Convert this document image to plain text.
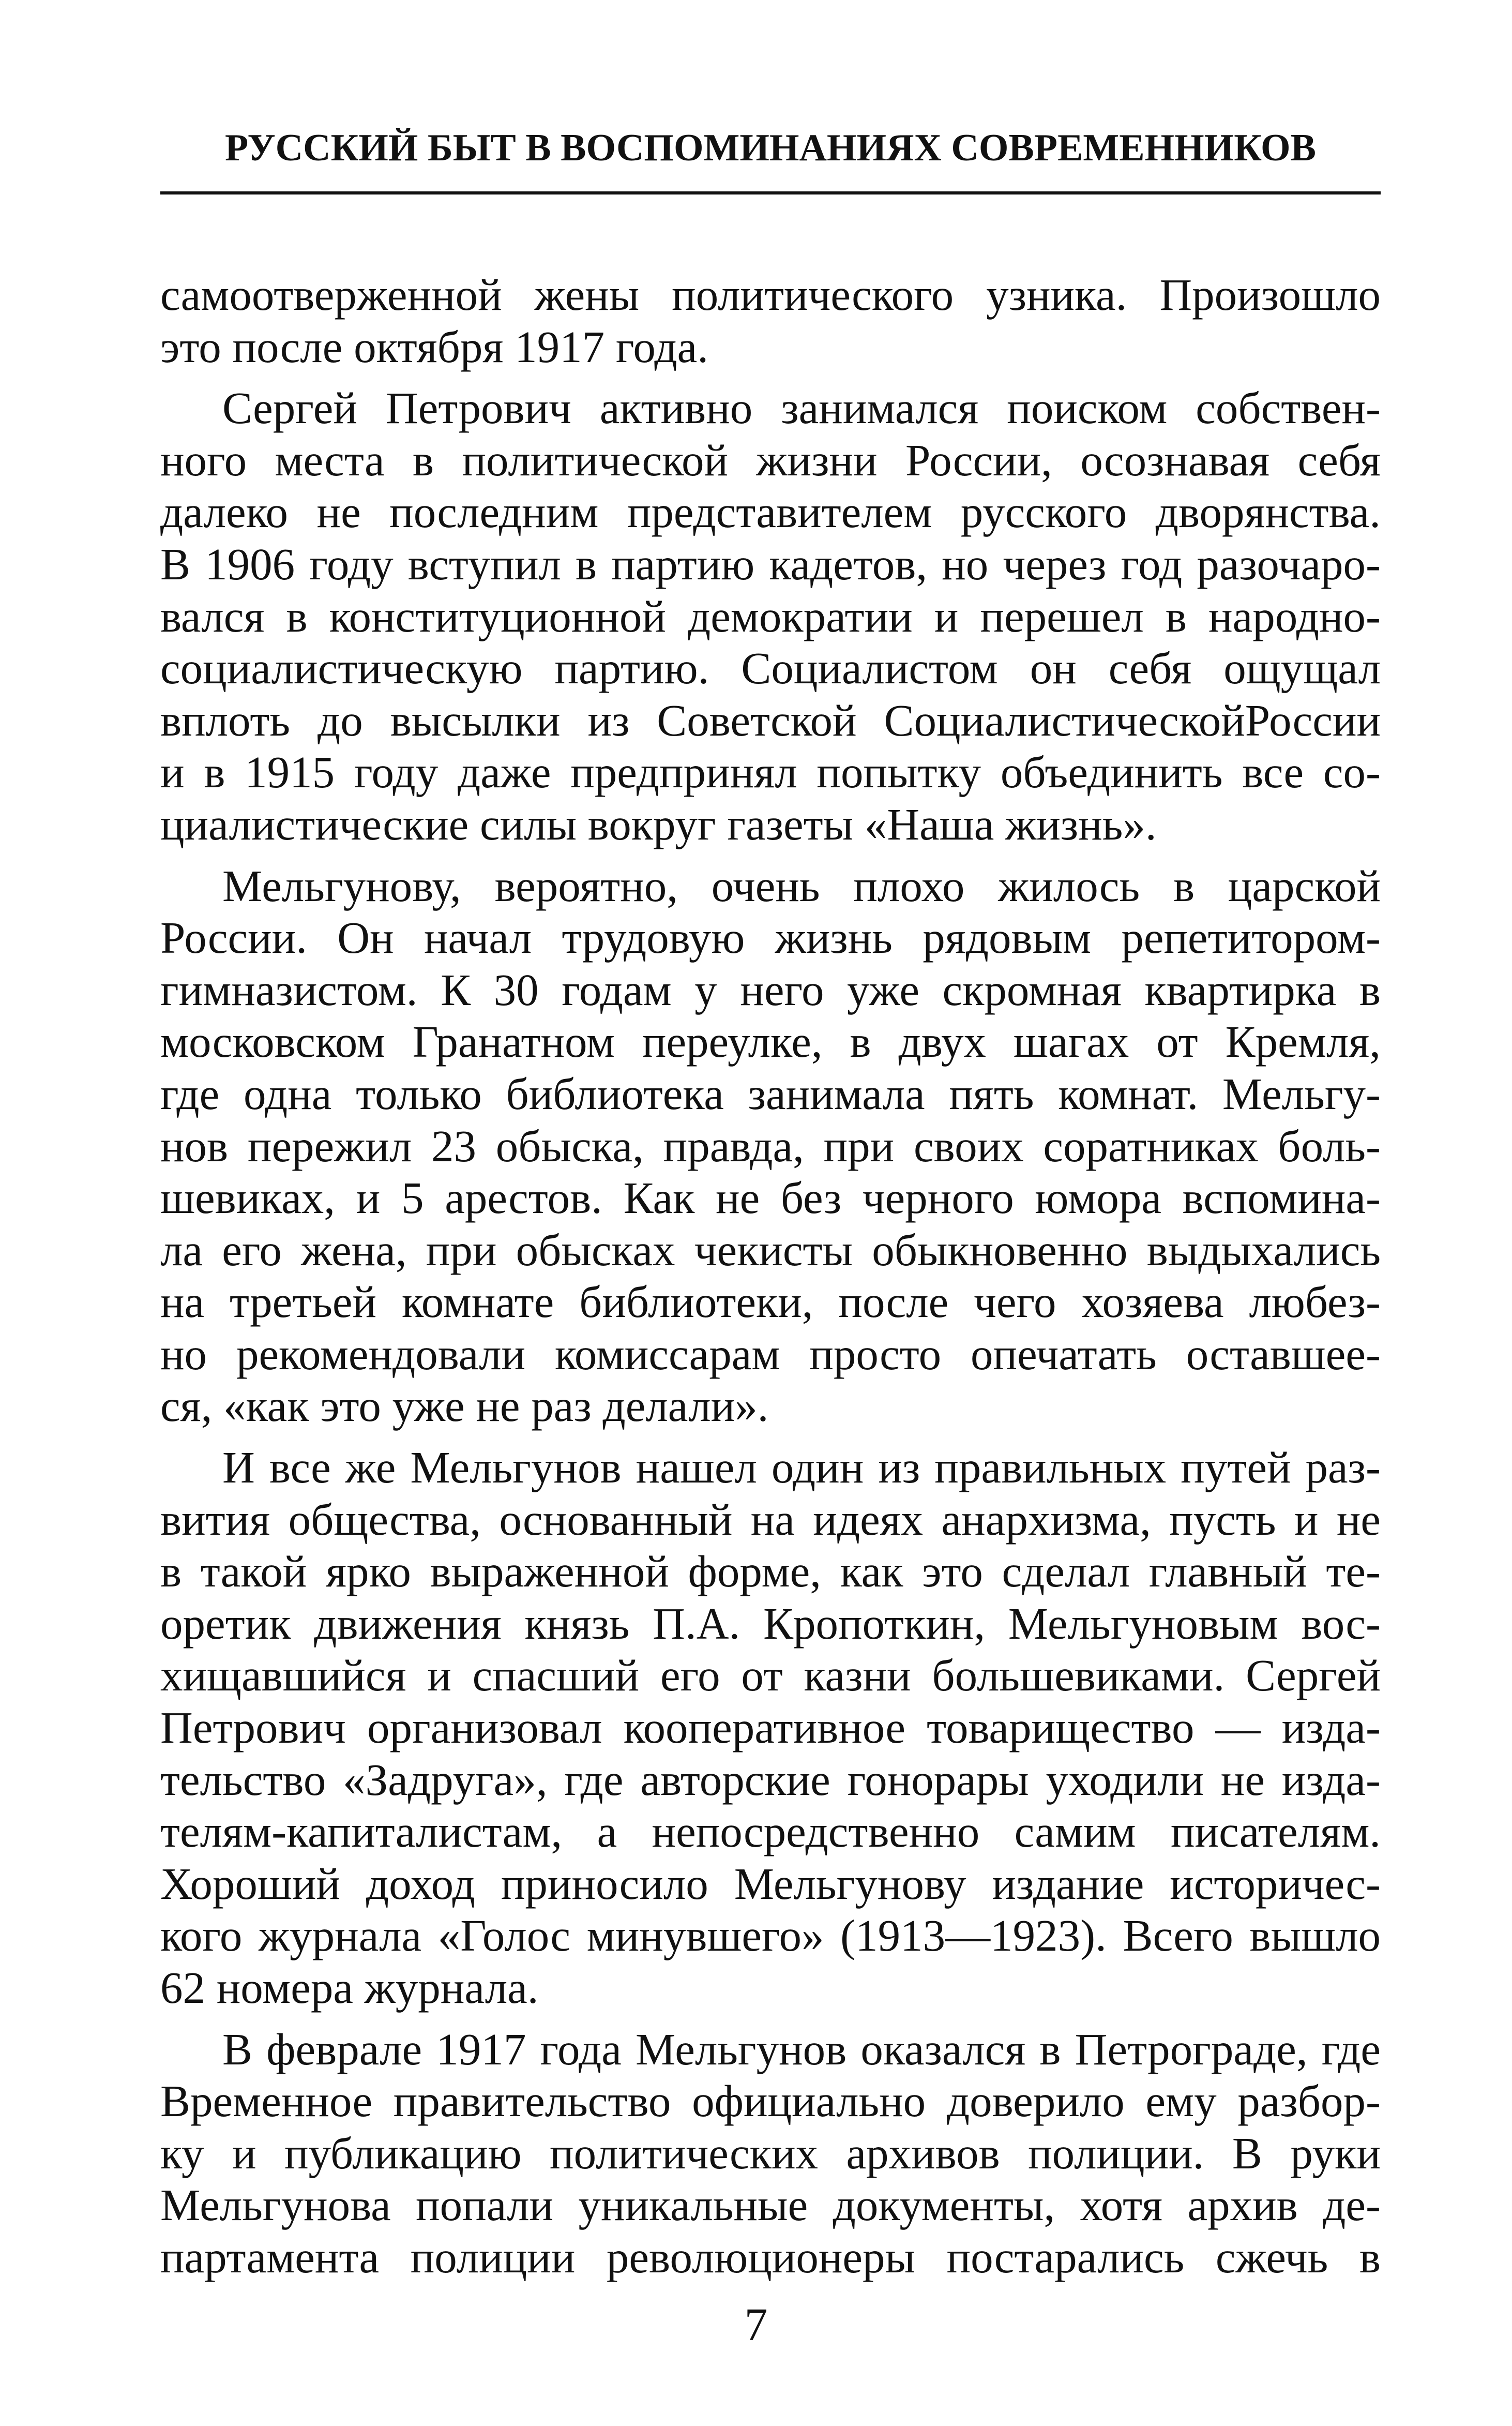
РУССКИЙ БЫТ В ВОСПОМИНАНИЯХ СОВРЕМЕННИКОВ

самоотверженной жены политического узника. Произошло
это после октября 1917 года.

Сергей Петрович активно занимался поиском собствен-
ного места в политической жизни России, осознавая себя
далеко не последним представителем русского дворянства.
В 1906 году вступил в партию кадетов, но через год разочаро-
вался в конституционной демократии и перешел в народно-
социалистическую партию. Социалистом он себя ощущал
вплоть до высылки из Советской СоциалистическойРоссии
и в 1915 году даже предпринял попытку объединить все со-
циалистические силы вокруг газеты «Наша жизнь».

Мельгунову, вероятно, очень плохо жилось в царской
России. Он начал трудовую жизнь рядовым репетитором-
гимназистом. К 30 годам у него уже скромная квартирка в
московском Гранатном переулке, в двух шагах от Кремля,
где одна только библиотека занимала пять комнат. Мельгу-
нов пережил 23 обыска, правда, при своих соратниках боль-
шевиках, и 5 арестов. Как не без черного юмора вспомина-
ла его жена, при обысках чекисты обыкновенно выдыхались
на третьей комнате библиотеки, после чего хозяева любез-
но рекомендовали комиссарам просто опечатать оставшее-
ся, «как это уже не раз делали».

И все же Мельгунов нашел один из правильных путей раз-
вития общества, основанный на идеях анархизма, пусть и не
в такой ярко выраженной форме, как это сделал главный те-
оретик движения князь П.А. Кропоткин, Мельгуновым вос-
хищавшийся и спасший его от казни большевиками. Сергей
Петрович организовал кооперативное товарищество — изда-
тельство «Задруга», где авторские гонорары уходили не изда-
телям-капиталистам, а непосредственно самим писателям.
Хороший доход приносило Мельгунову издание историчес-
кого журнала «Голос минувшего» (1913—1923). Всего вышло
62 номера журнала.

В феврале 1917 года Мельгунов оказался в Петрограде, где
Временное правительство официально доверило ему разбор-
ку и публикацию политических архивов полиции. В руки
Мельгунова попали уникальные документы, хотя архив де-
партамента полиции революционеры постарались сжечь в

7
